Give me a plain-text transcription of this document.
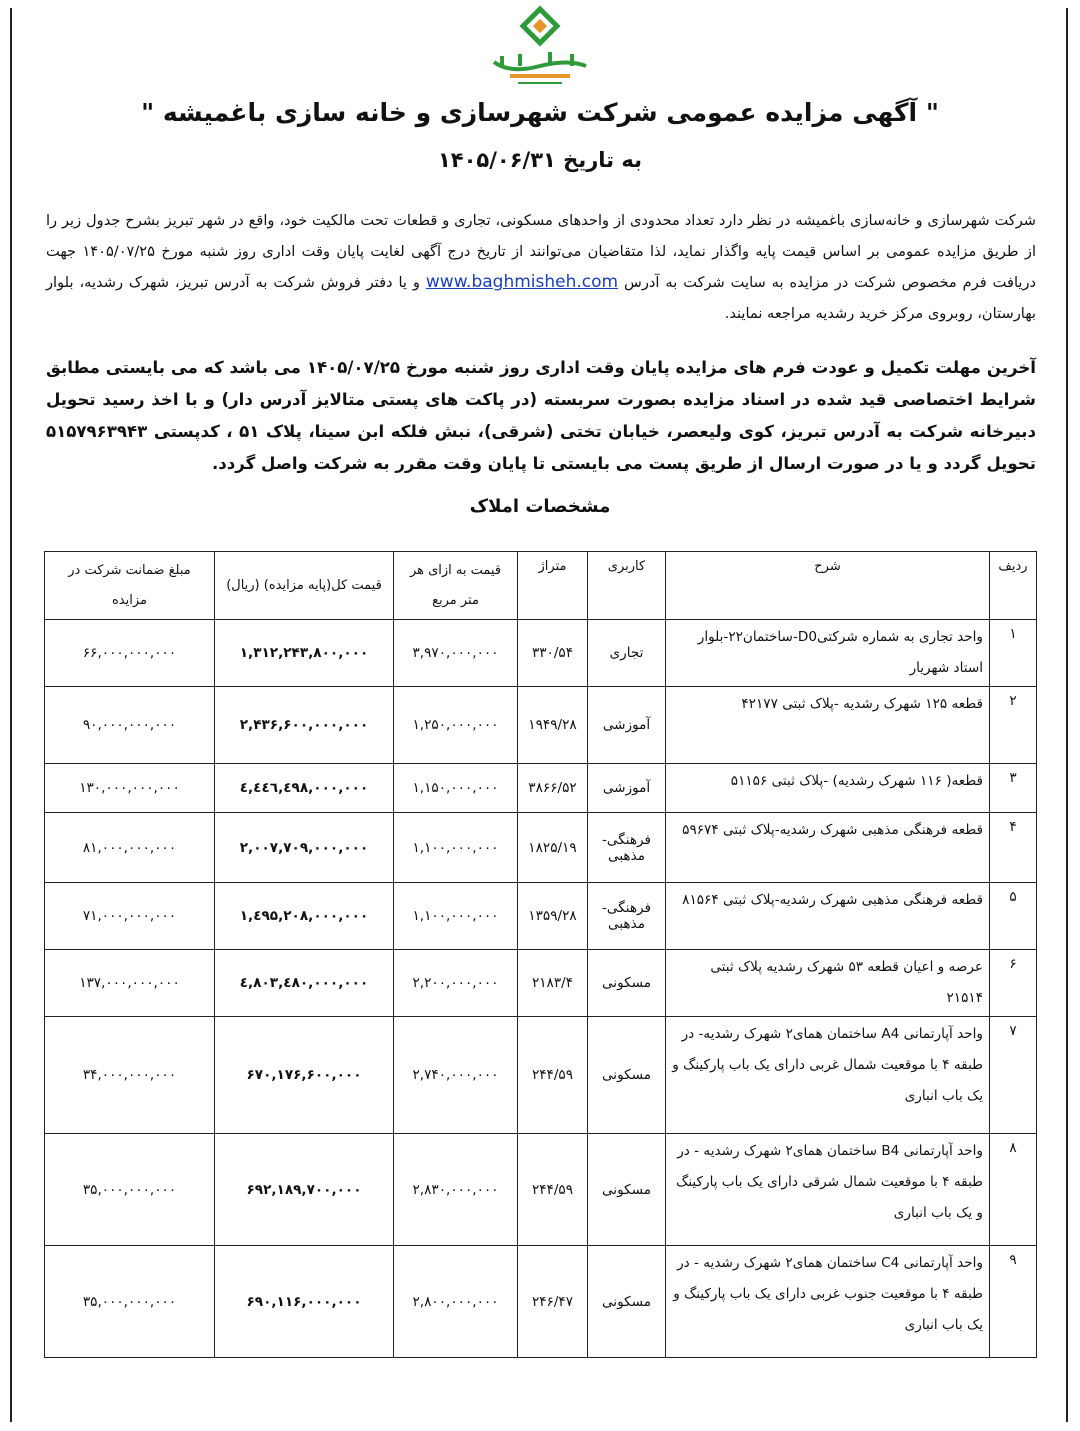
" آگهی مزایده عمومی شرکت شهرسازی و خانه سازی باغمیشه "
به تاریخ ۱۴۰۵/۰۶/۳۱
شرکت شهرسازی و خانه‌سازی باغمیشه در نظر دارد تعداد محدودی از واحدهای مسکونی، تجاری و قطعات تحت مالکیت خود، واقع در شهر تبریز بشرح جدول زیر را از طریق مزایده عمومی بر اساس قیمت پایه واگذار نماید، لذا متقاضیان می‌توانند از تاریخ درج آگهی لغایت پایان وقت اداری روز شنبه مورخ ۱۴۰۵/۰۷/۲۵ جهت دریافت فرم مخصوص شرکت در مزایده به سایت شرکت به آدرس www.baghmisheh.com و یا دفتر فروش شرکت به آدرس تبریز، شهرک رشدیه، بلوار بهارستان، روبروی مرکز خرید رشدیه مراجعه نمایند.
آخرین مهلت تکمیل و عودت فرم های مزایده پایان وقت اداری روز شنبه مورخ ۱۴۰۵/۰۷/۲۵ می باشد که می بایستی مطابق شرایط اختصاصی قید شده در اسناد مزایده بصورت سربسته (در پاکت های پستی متالایز آدرس دار) و با اخذ رسید تحویل دبیرخانه شرکت به آدرس تبریز، کوی ولیعصر، خیابان تختی (شرقی)، نبش فلکه ابن سینا، پلاک ۵۱ ، کدپستی ۵۱۵۷۹۶۳۹۴۳ تحویل گردد و یا در صورت ارسال از طریق پست می بایستی تا پایان وقت مقرر به شرکت واصل گردد.
مشخصات املاک
ردیف	شرح	کاربری	متراژ	قیمت به ازای هر متر مربع	قیمت کل(پایه مزایده) (ریال)	مبلغ ضمانت شرکت در مزایده
۱	واحد تجاری به شماره شرکتیD0-ساختمان۲۲-بلوار استاد شهریار	تجاری	۳۳۰/۵۴	۳,۹۷۰,۰۰۰,۰۰۰	۱,۳۱۲,۲۴۳,۸۰۰,۰۰۰	۶۶,۰۰۰,۰۰۰,۰۰۰
۲	قطعه ۱۲۵ شهرک رشدیه -پلاک ثبتی ۴۲۱۷۷	آموزشی	۱۹۴۹/۲۸	۱,۲۵۰,۰۰۰,۰۰۰	۲,۴۳۶,۶۰۰,۰۰۰,۰۰۰	۹۰,۰۰۰,۰۰۰,۰۰۰
۳	قطعه( ۱۱۶ شهرک رشدیه) -پلاک ثبتی ۵۱۱۵۶	آموزشی	۳۸۶۶/۵۲	۱,۱۵۰,۰۰۰,۰۰۰	٤,٤٤٦,٤٩٨,۰۰۰,۰۰۰	۱۳۰,۰۰۰,۰۰۰,۰۰۰
۴	قطعه فرهنگی مذهبی شهرک رشدیه-پلاک ثبتی ۵۹۶۷۴	فرهنگی-مذهبی	۱۸۲۵/۱۹	۱,۱۰۰,۰۰۰,۰۰۰	۲,۰۰۷,۷۰۹,۰۰۰,۰۰۰	۸۱,۰۰۰,۰۰۰,۰۰۰
۵	قطعه فرهنگی مذهبی شهرک رشدیه-پلاک ثبتی ۸۱۵۶۴	فرهنگی-مذهبی	۱۳۵۹/۲۸	۱,۱۰۰,۰۰۰,۰۰۰	۱,٤۹۵,۲۰۸,۰۰۰,۰۰۰	۷۱,۰۰۰,۰۰۰,۰۰۰
۶	عرصه و اعیان قطعه ۵۳ شهرک رشدیه پلاک ثبتی ۲۱۵۱۴	مسکونی	۲۱۸۳/۴	۲,۲۰۰,۰۰۰,۰۰۰	٤,۸۰۳,٤۸۰,۰۰۰,۰۰۰	۱۳۷,۰۰۰,۰۰۰,۰۰۰
۷	واحد آپارتمانی A4 ساختمان همای۲ شهرک رشدیه- در طبقه ۴ با موقعیت شمال غربی دارای یک باب پارکینگ و یک باب انباری	مسکونی	۲۴۴/۵۹	۲,۷۴۰,۰۰۰,۰۰۰	۶۷۰,۱۷۶,۶۰۰,۰۰۰	۳۴,۰۰۰,۰۰۰,۰۰۰
۸	واحد آپارتمانی B4 ساختمان همای۲ شهرک رشدیه - در طبقه ۴ با موقعیت شمال شرقی دارای یک باب پارکینگ و یک باب انباری	مسکونی	۲۴۴/۵۹	۲,۸۳۰,۰۰۰,۰۰۰	۶۹۲,۱۸۹,۷۰۰,۰۰۰	۳۵,۰۰۰,۰۰۰,۰۰۰
۹	واحد آپارتمانی C4 ساختمان همای۲ شهرک رشدیه - در طبقه ۴ با موقعیت جنوب غربی دارای یک باب پارکینگ و یک باب انباری	مسکونی	۲۴۶/۴۷	۲,۸۰۰,۰۰۰,۰۰۰	۶۹۰,۱۱۶,۰۰۰,۰۰۰	۳۵,۰۰۰,۰۰۰,۰۰۰
